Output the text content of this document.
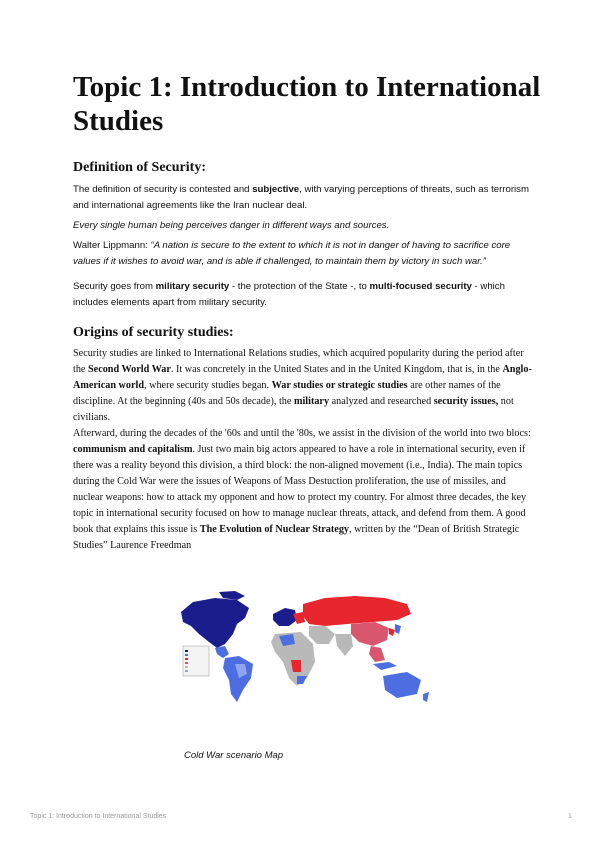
Topic 1: Introduction to International Studies
Definition of Security:

The definition of security is contested and subjective, with varying perceptions of threats, such as terrorism and international agreements like the Iran nuclear deal.

Every single human being perceives danger in different ways and sources.

Walter Lippmann: “A nation is secure to the extent to which it is not in danger of having to sacrifice core values if it wishes to avoid war, and is able if challenged, to maintain them by victory in such war.”

Security goes from military security - the protection of the State -, to multi-focused security - which includes elements apart from military security.

Origins of security studies:

Security studies are linked to International Relations studies, which acquired popularity during the period after the Second World War. It was concretely in the United States and in the United Kingdom, that is, in the Anglo-American world, where security studies began. War studies or strategic studies are other names of the discipline. At the beginning (40s and 50s decade), the military analyzed and researched security issues, not civilians.
Afterward, during the decades of the '60s and until the '80s, we assist in the division of the world into two blocs:
communism and capitalism. Just two main big actors appeared to have a role in international security, even if there was a reality beyond this division, a third block: the non-aligned movement (i.e., India). The main topics during the Cold War were the issues of Weapons of Mass Destuction proliferation, the use of missiles, and nuclear weapons: how to attack my opponent and how to protect my country. For almost three decades, the key topic in international security focused on how to manage nuclear threats, attack, and defend from them. A good book that explains this issue is The Evolution of Nuclear Strategy, written by the “Dean of British Strategic Studies” Laurence Freedman

Cold War scenario Map
Topic 1: Introduction to International Studies	1
